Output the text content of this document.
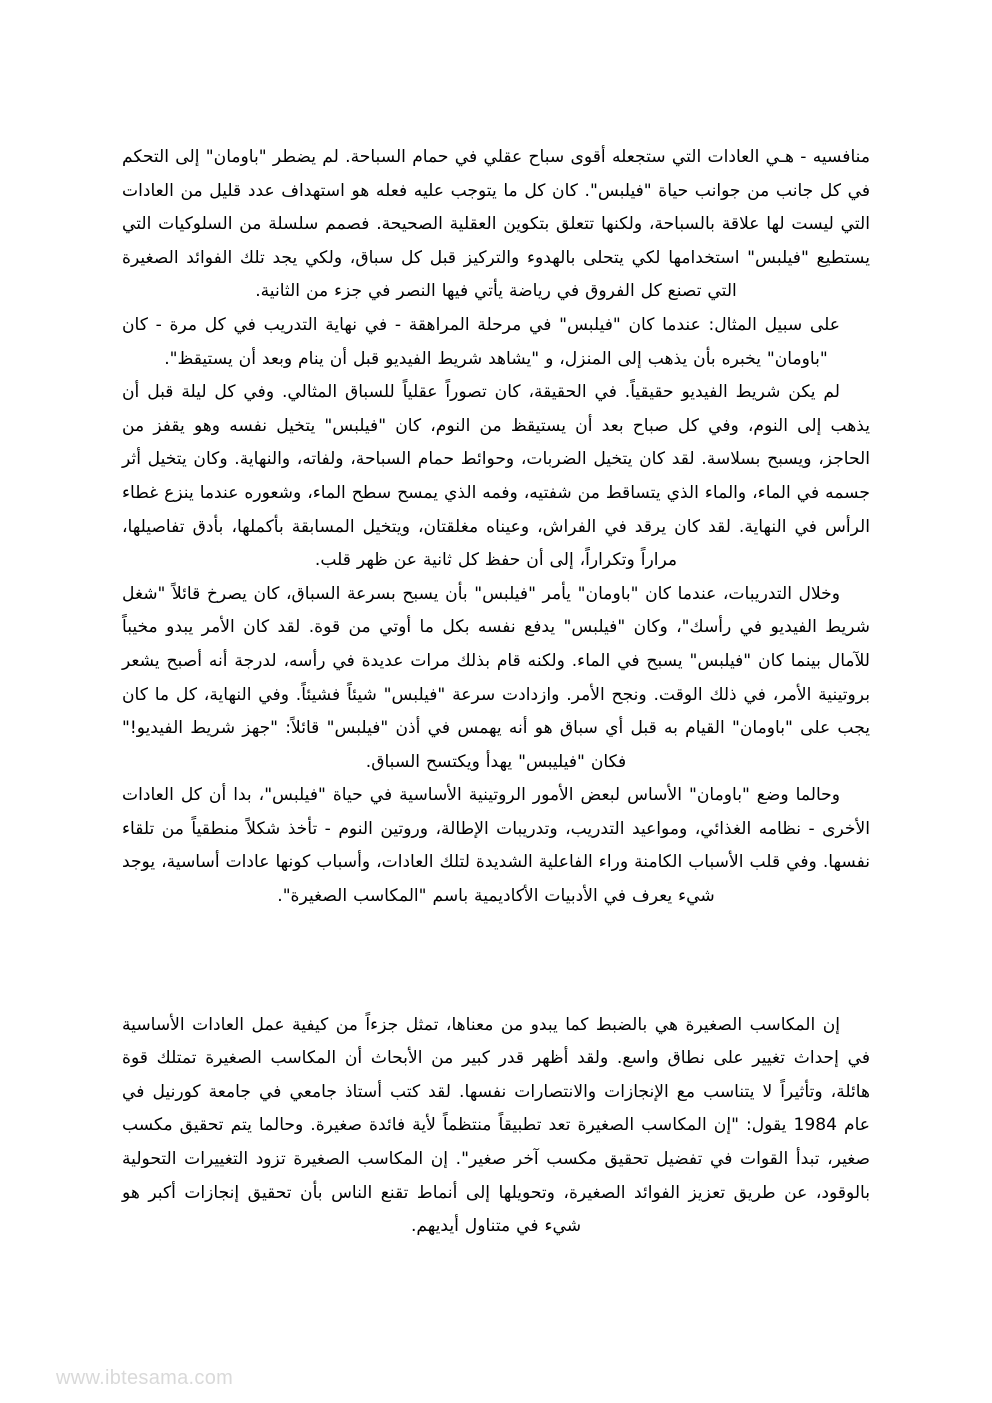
منافسيه - هـي العادات التي ستجعله أقوى سباح عقلي في حمام السباحة. لم يضطر "باومان" إلى التحكم في كل جانب من جوانب حياة "فيلبس". كان كل ما يتوجب عليه فعله هو استهداف عدد قليل من العادات التي ليست لها علاقة بالسباحة، ولكنها تتعلق بتكوين العقلية الصحيحة. فصمم سلسلة من السلوكيات التي يستطيع "فيلبس" استخدامها لكي يتحلى بالهدوء والتركيز قبل كل سباق، ولكي يجد تلك الفوائد الصغيرة التي تصنع كل الفروق في رياضة يأتي فيها النصر في جزء من الثانية.

على سبيل المثال: عندما كان "فيلبس" في مرحلة المراهقة - في نهاية التدريب في كل مرة - كان "باومان" يخبره بأن يذهب إلى المنزل، و "يشاهد شريط الفيديو قبل أن ينام وبعد أن يستيقظ".

لم يكن شريط الفيديو حقيقياً. في الحقيقة، كان تصوراً عقلياً للسباق المثالي. وفي كل ليلة قبل أن يذهب إلى النوم، وفي كل صباح بعد أن يستيقظ من النوم، كان "فيلبس" يتخيل نفسه وهو يقفز من الحاجز، ويسبح بسلاسة. لقد كان يتخيل الضربات، وحوائط حمام السباحة، ولفاته، والنهاية. وكان يتخيل أثر جسمه في الماء، والماء الذي يتساقط من شفتيه، وفمه الذي يمسح سطح الماء، وشعوره عندما ينزع غطاء الرأس في النهاية. لقد كان يرقد في الفراش، وعيناه مغلقتان، ويتخيل المسابقة بأكملها، بأدق تفاصيلها، مراراً وتكراراً، إلى أن حفظ كل ثانية عن ظهر قلب.

وخلال التدريبات، عندما كان "باومان" يأمر "فيلبس" بأن يسبح بسرعة السباق، كان يصرخ قائلاً "شغل شريط الفيديو في رأسك"، وكان "فيلبس" يدفع نفسه بكل ما أوتي من قوة. لقد كان الأمر يبدو مخيباً للآمال بينما كان "فيلبس" يسبح في الماء. ولكنه قام بذلك مرات عديدة في رأسه، لدرجة أنه أصبح يشعر بروتينية الأمر، في ذلك الوقت. ونجح الأمر. وازدادت سرعة "فيلبس" شيئاً فشيئاً. وفي النهاية، كل ما كان يجب على "باومان" القيام به قبل أي سباق هو أنه يهمس في أذن "فيلبس" قائلاً: "جهز شريط الفيديو!" فكان "فيليبس" يهدأ ويكتسح السباق.

وحالما وضع "باومان" الأساس لبعض الأمور الروتينية الأساسية في حياة "فيلبس"، بدا أن كل العادات الأخرى - نظامه الغذائي، ومواعيد التدريب، وتدريبات الإطالة، وروتين النوم - تأخذ شكلاً منطقياً من تلقاء نفسها. وفي قلب الأسباب الكامنة وراء الفاعلية الشديدة لتلك العادات، وأسباب كونها عادات أساسية، يوجد شيء يعرف في الأدبيات الأكاديمية باسم "المكاسب الصغيرة".

إن المكاسب الصغيرة هي بالضبط كما يبدو من معناها، تمثل جزءاً من كيفية عمل العادات الأساسية في إحداث تغيير على نطاق واسع. ولقد أظهر قدر كبير من الأبحاث أن المكاسب الصغيرة تمتلك قوة هائلة، وتأثيراً لا يتناسب مع الإنجازات والانتصارات نفسها. لقد كتب أستاذ جامعي في جامعة كورنيل في عام 1984 يقول: "إن المكاسب الصغيرة تعد تطبيقاً منتظماً لأية فائدة صغيرة. وحالما يتم تحقيق مكسب صغير، تبدأ القوات في تفضيل تحقيق مكسب آخر صغير". إن المكاسب الصغيرة تزود التغييرات التحولية بالوقود، عن طريق تعزيز الفوائد الصغيرة، وتحويلها إلى أنماط تقنع الناس بأن تحقيق إنجازات أكبر هو شيء في متناول أيديهم.

www.ibtesama.com
